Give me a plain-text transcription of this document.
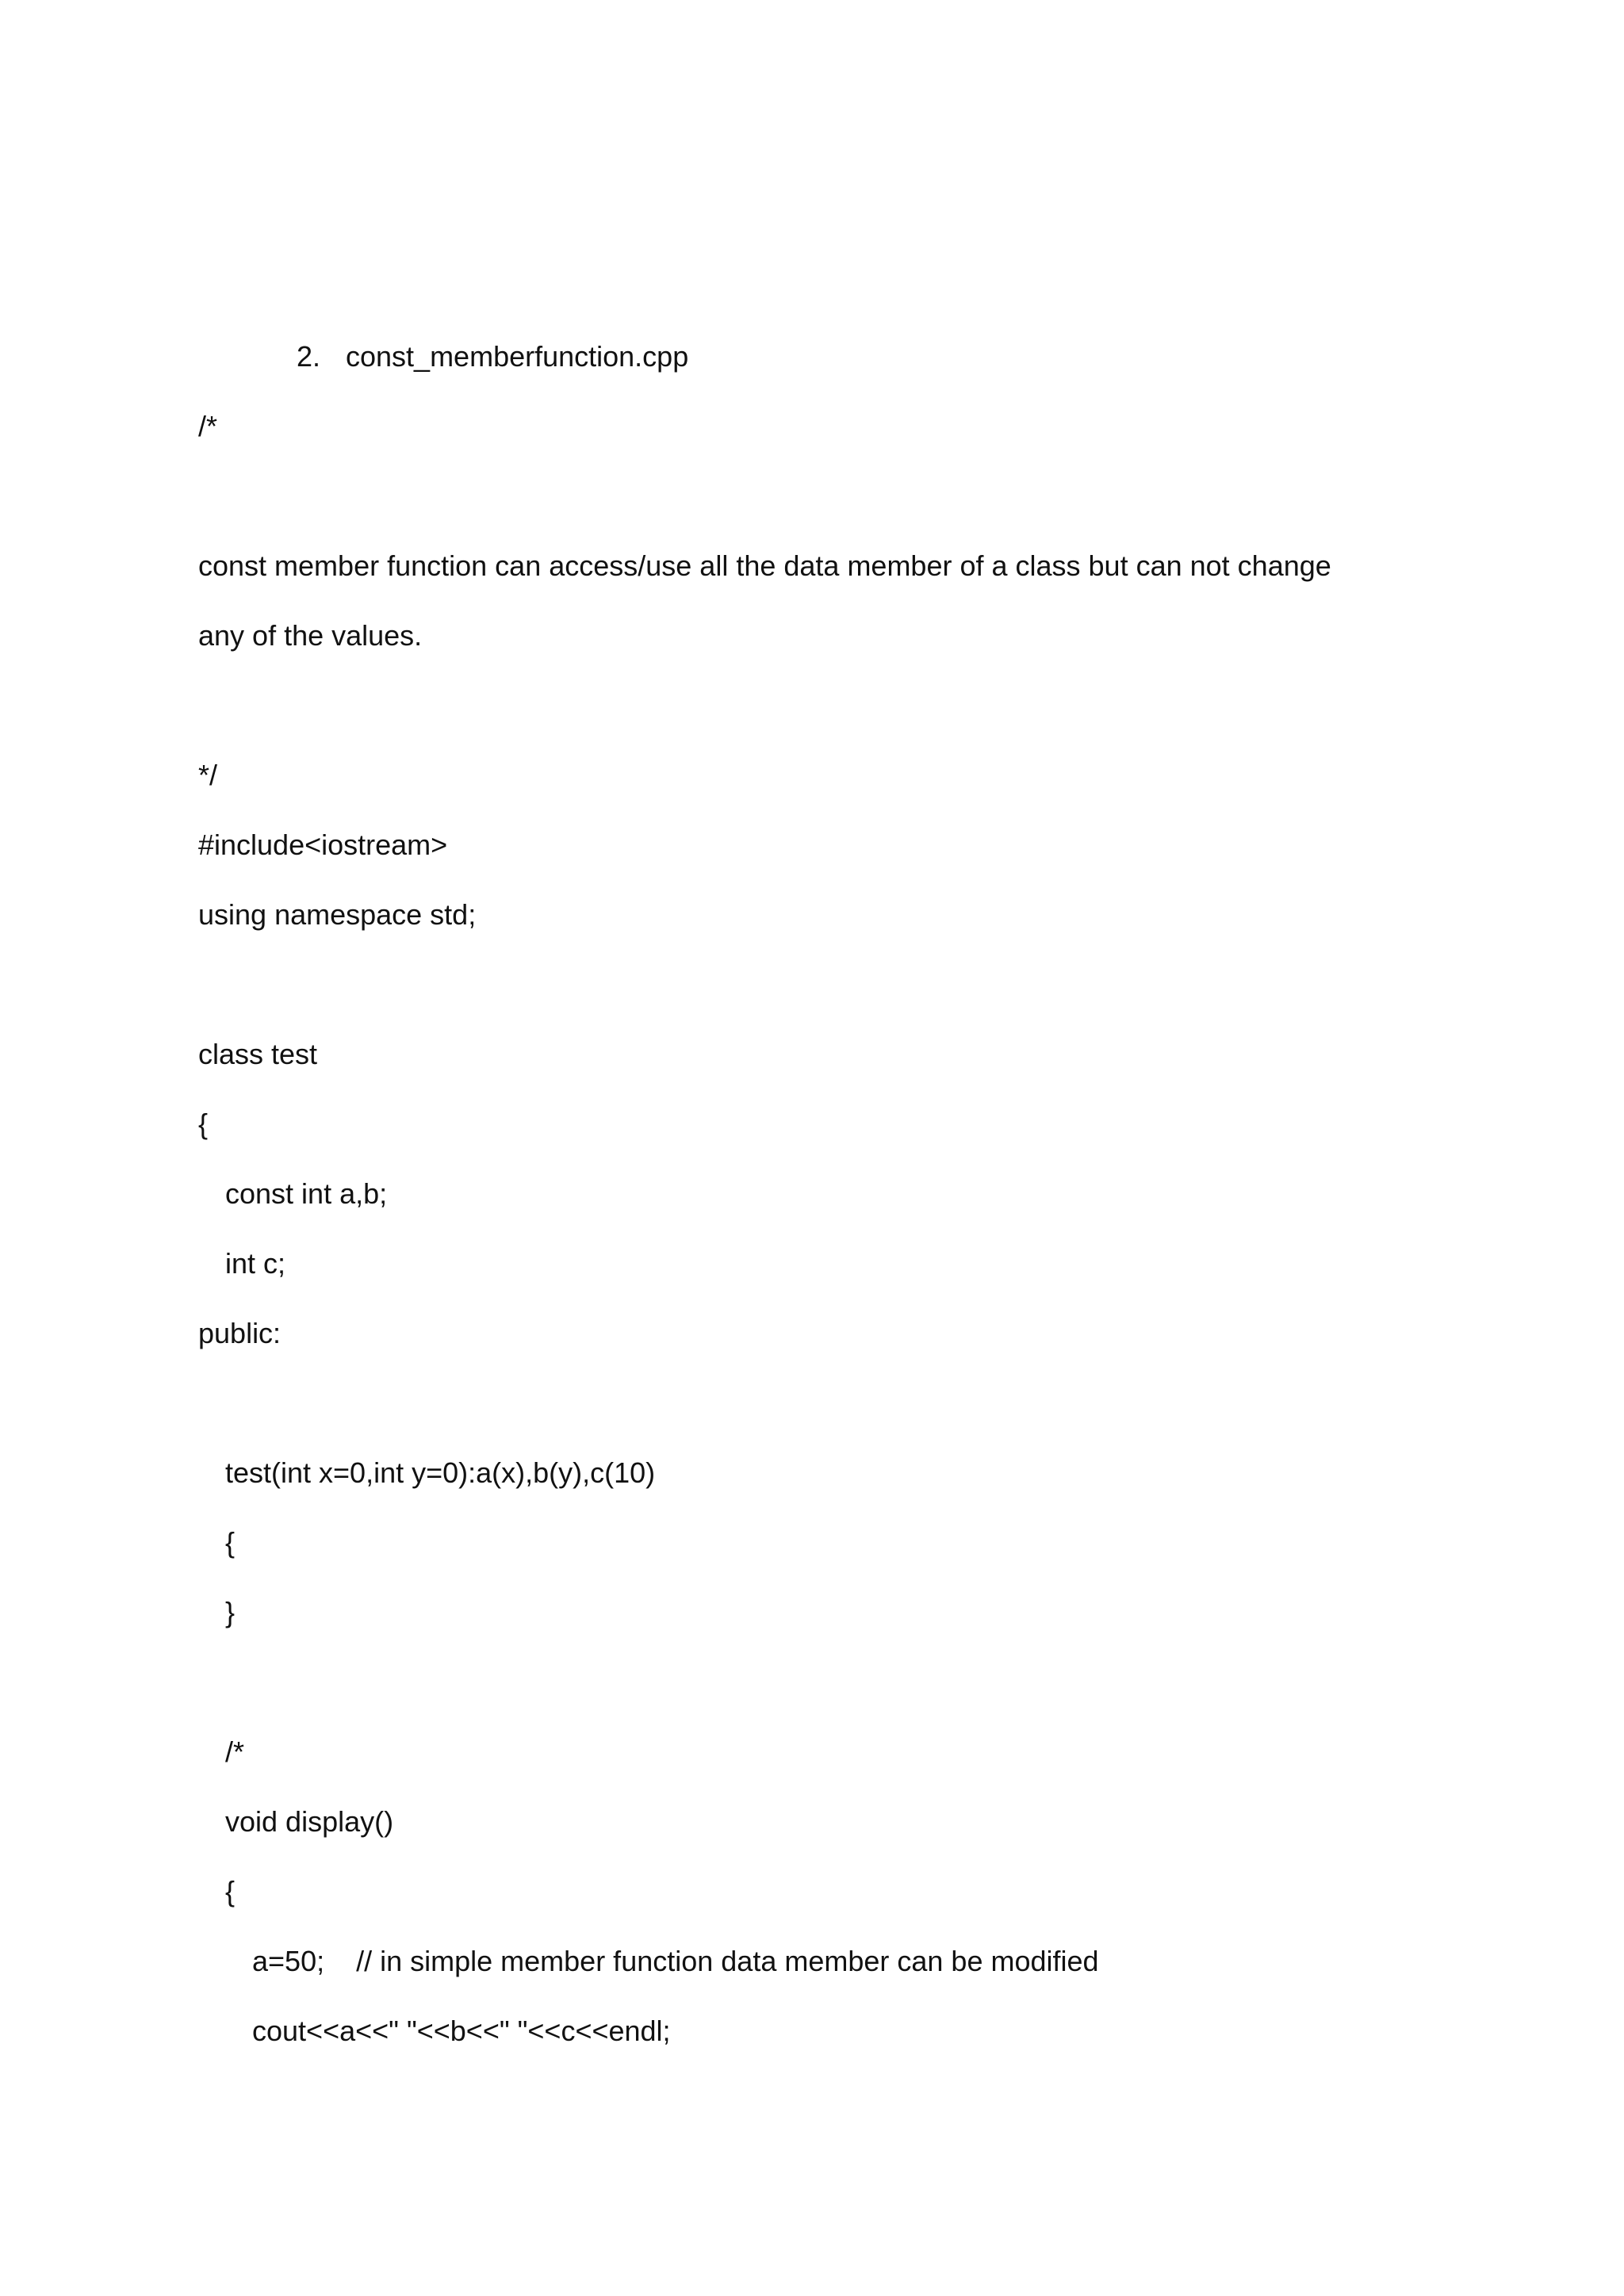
2. const_memberfunction.cpp
/*
const member function can access/use all the data member of a class but can not change
any of the values.
*/
#include<iostream>
using namespace std;
class test
{
const int a,b;
int c;
public:
test(int x=0,int y=0):a(x),b(y),c(10)
{
}
/*
void display()
{
a=50;    // in simple member function data member can be modified
cout<<a<<" "<<b<<" "<<c<<endl;
